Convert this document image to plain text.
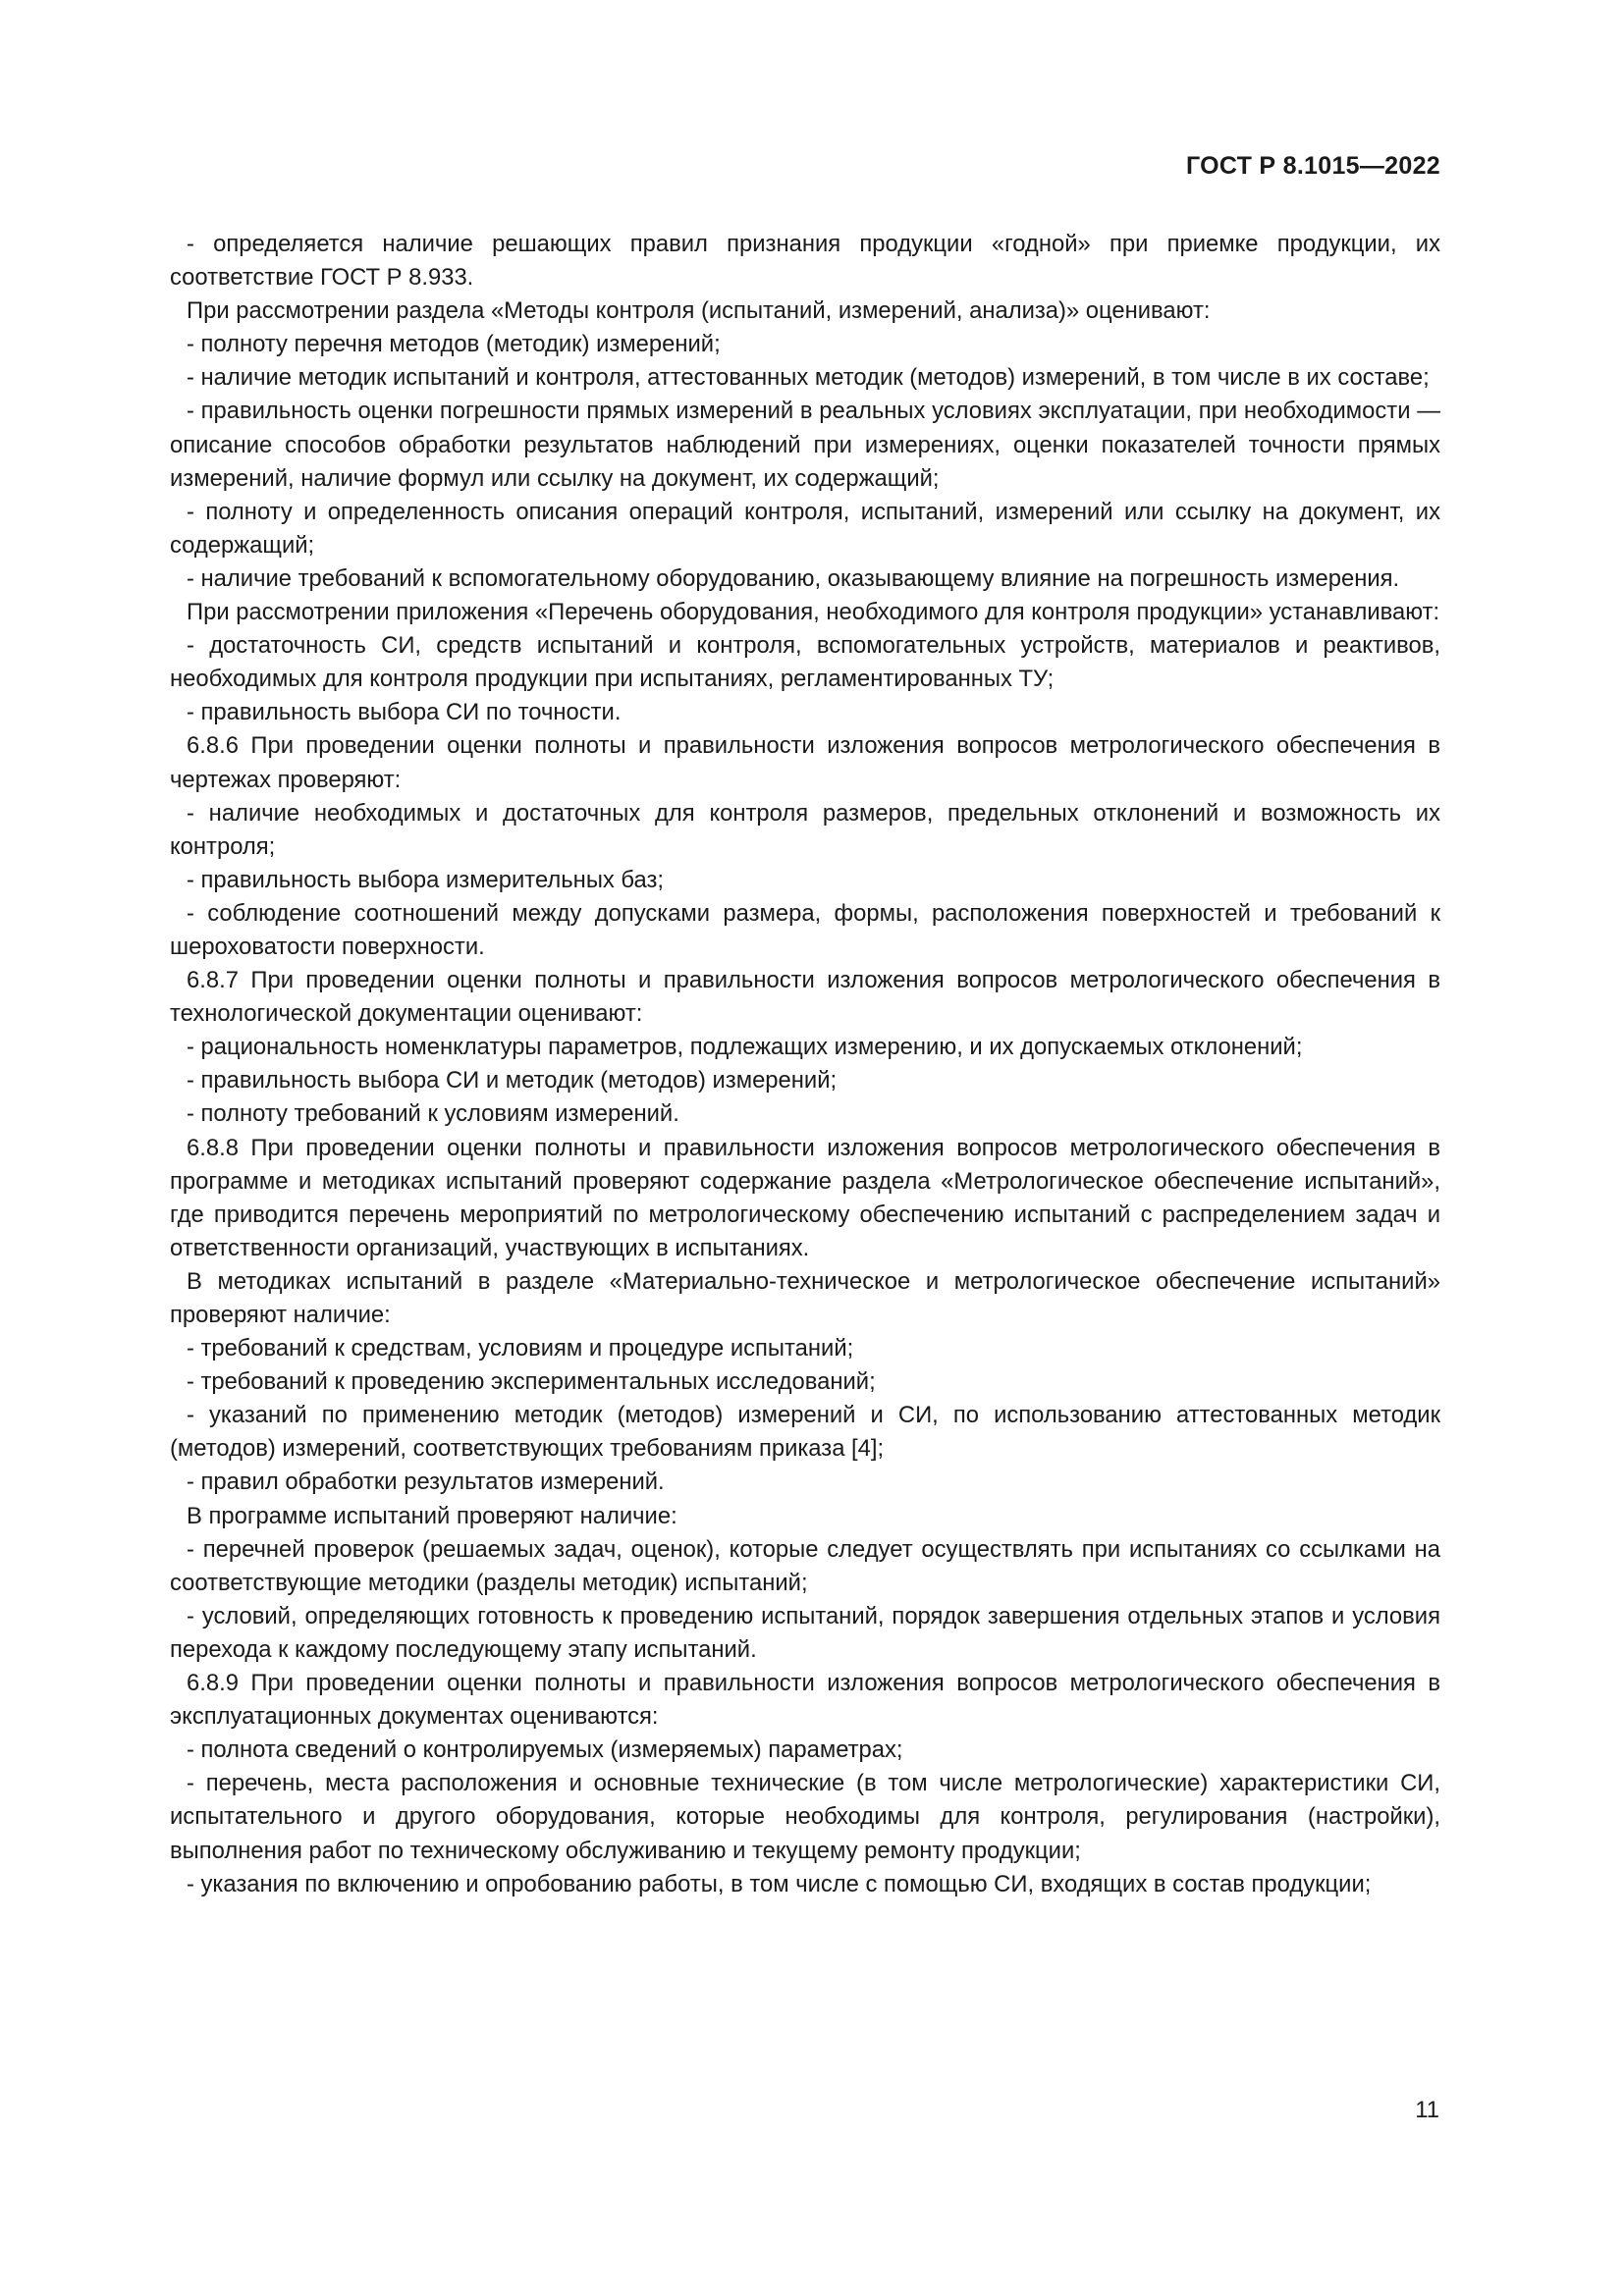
ГОСТ Р 8.1015—2022

- определяется наличие решающих правил признания продукции «годной» при приемке продукции, их соответствие ГОСТ Р 8.933.

При рассмотрении раздела «Методы контроля (испытаний, измерений, анализа)» оценивают:

- полноту перечня методов (методик) измерений;

- наличие методик испытаний и контроля, аттестованных методик (методов) измерений, в том числе в их составе;

- правильность оценки погрешности прямых измерений в реальных условиях эксплуатации, при необходимости — описание способов обработки результатов наблюдений при измерениях, оценки показателей точности прямых измерений, наличие формул или ссылку на документ, их содержащий;

- полноту и определенность описания операций контроля, испытаний, измерений или ссылку на документ, их содержащий;

- наличие требований к вспомогательному оборудованию, оказывающему влияние на погрешность измерения.

При рассмотрении приложения «Перечень оборудования, необходимого для контроля продукции» устанавливают:

- достаточность СИ, средств испытаний и контроля, вспомогательных устройств, материалов и реактивов, необходимых для контроля продукции при испытаниях, регламентированных ТУ;

- правильность выбора СИ по точности.

6.8.6 При проведении оценки полноты и правильности изложения вопросов метрологического обеспечения в чертежах проверяют:

- наличие необходимых и достаточных для контроля размеров, предельных отклонений и возможность их контроля;

- правильность выбора измерительных баз;

- соблюдение соотношений между допусками размера, формы, расположения поверхностей и требований к шероховатости поверхности.

6.8.7 При проведении оценки полноты и правильности изложения вопросов метрологического обеспечения в технологической документации оценивают:

- рациональность номенклатуры параметров, подлежащих измерению, и их допускаемых отклонений;

- правильность выбора СИ и методик (методов) измерений;

- полноту требований к условиям измерений.

6.8.8 При проведении оценки полноты и правильности изложения вопросов метрологического обеспечения в программе и методиках испытаний проверяют содержание раздела «Метрологическое обеспечение испытаний», где приводится перечень мероприятий по метрологическому обеспечению испытаний с распределением задач и ответственности организаций, участвующих в испытаниях.

В методиках испытаний в разделе «Материально-техническое и метрологическое обеспечение испытаний» проверяют наличие:

- требований к средствам, условиям и процедуре испытаний;

- требований к проведению экспериментальных исследований;

- указаний по применению методик (методов) измерений и СИ, по использованию аттестованных методик (методов) измерений, соответствующих требованиям приказа [4];

- правил обработки результатов измерений.

В программе испытаний проверяют наличие:

- перечней проверок (решаемых задач, оценок), которые следует осуществлять при испытаниях со ссылками на соответствующие методики (разделы методик) испытаний;

- условий, определяющих готовность к проведению испытаний, порядок завершения отдельных этапов и условия перехода к каждому последующему этапу испытаний.

6.8.9 При проведении оценки полноты и правильности изложения вопросов метрологического обеспечения в эксплуатационных документах оцениваются:

- полнота сведений о контролируемых (измеряемых) параметрах;

- перечень, места расположения и основные технические (в том числе метрологические) характеристики СИ, испытательного и другого оборудования, которые необходимы для контроля, регулирования (настройки), выполнения работ по техническому обслуживанию и текущему ремонту продукции;

- указания по включению и опробованию работы, в том числе с помощью СИ, входящих в состав продукции;

11
